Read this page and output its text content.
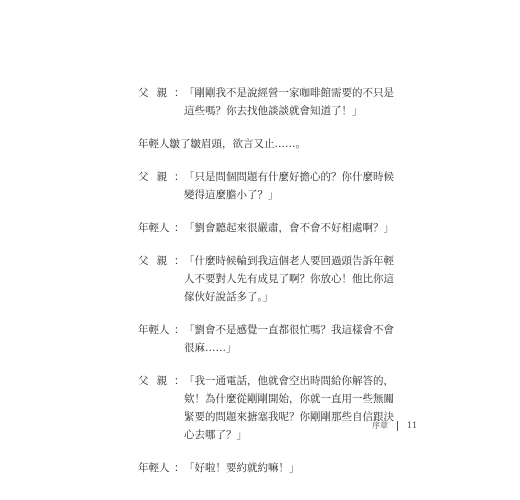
父親 ： 「剛剛我不是說經營一家咖啡館需要的不只是這些嗎？你去找他談談就會知道了！」
年輕人皺了皺眉頭，欲言又止……。
父親 ： 「只是問個問題有什麼好擔心的？你什麼時候變得這麼膽小了？」
年輕人 ： 「劉會聽起來很嚴肅，會不會不好相處啊？」
父親 ： 「什麼時候輪到我這個老人要回過頭告訴年輕人不要對人先有成見了啊？你放心！他比你這傢伙好說話多了。」
年輕人 ： 「劉會不是感覺一直都很忙嗎？我這樣會不會很麻……」
父親 ： 「我一通電話，他就會空出時間給你解答的，欸！為什麼從剛剛開始，你就一直用一些無關緊要的問題來搪塞我呢？你剛剛那些自信跟決心去哪了？」
年輕人 ： 「好啦！要約就約嘛！」
序章 11
